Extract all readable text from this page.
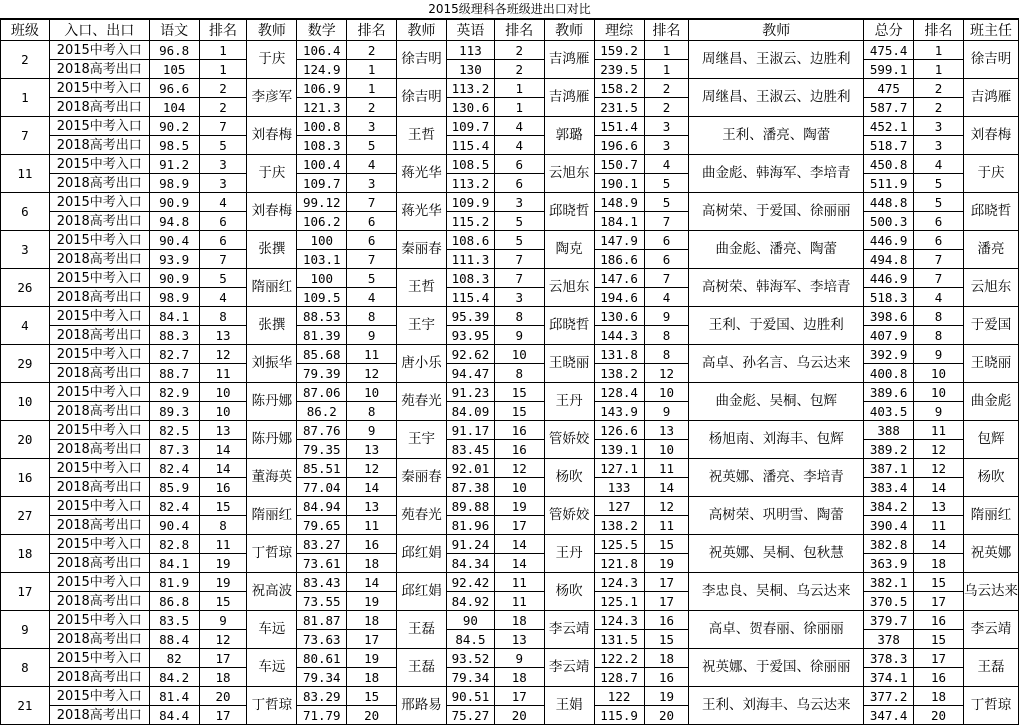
2015级理科各班级进出口对比
班级	入口、出口	语文	排名	教师	数学	排名	教师	英语	排名	教师	理综	排名	教师	总分	排名	班主任
2	2015中考入口	96.8	1	于庆	106.4	2	徐吉明	113	2	吉鸿雁	159.2	1	周继昌、王淑云、边胜利	475.4	1	徐吉明
	2018高考出口	105	1		124.9	1		130	2		239.5	1		599.1	1	
1	2015中考入口	96.6	2	李彦军	106.9	1	徐吉明	113.2	1	吉鸿雁	158.2	2	周继昌、王淑云、边胜利	475	2	吉鸿雁
	2018高考出口	104	2		121.3	2		130.6	1		231.5	2		587.7	2	
7	2015中考入口	90.2	7	刘春梅	100.8	3	王哲	109.7	4	郭璐	151.4	3	王利、潘亮、陶蕾	452.1	3	刘春梅
	2018高考出口	98.5	5		108.3	5		115.4	4		196.6	3		518.7	3	
11	2015中考入口	91.2	3	于庆	100.4	4	蒋光华	108.5	6	云旭东	150.7	4	曲金彪、韩海军、李培青	450.8	4	于庆
	2018高考出口	98.9	3		109.7	3		113.2	6		190.1	5		511.9	5	
6	2015中考入口	90.9	4	刘春梅	99.12	7	蒋光华	109.9	3	邱晓哲	148.9	5	高树荣、于爱国、徐丽丽	448.8	5	邱晓哲
	2018高考出口	94.8	6		106.2	6		115.2	5		184.1	7		500.3	6	
3	2015中考入口	90.4	6	张撰	100	6	秦丽春	108.6	5	陶克	147.9	6	曲金彪、潘亮、陶蕾	446.9	6	潘亮
	2018高考出口	93.9	7		103.1	7		111.3	7		186.6	6		494.8	7	
26	2015中考入口	90.9	5	隋丽红	100	5	王哲	108.3	7	云旭东	147.6	7	高树荣、韩海军、李培青	446.9	7	云旭东
	2018高考出口	98.9	4		109.5	4		115.4	3		194.6	4		518.3	4	
4	2015中考入口	84.1	8	张撰	88.53	8	王宇	95.39	8	邱晓哲	130.6	9	王利、于爱国、边胜利	398.6	8	于爱国
	2018高考出口	88.3	13		81.39	9		93.95	9		144.3	8		407.9	8	
29	2015中考入口	82.7	12	刘振华	85.68	11	唐小乐	92.62	10	王晓丽	131.8	8	高卓、孙名言、乌云达来	392.9	9	王晓丽
	2018高考出口	88.7	11		79.39	12		94.47	8		138.2	12		400.8	10	
10	2015中考入口	82.9	10	陈丹娜	87.06	10	苑春光	91.23	15	王丹	128.4	10	曲金彪、吴桐、包辉	389.6	10	曲金彪
	2018高考出口	89.3	10		86.2	8		84.09	15		143.9	9		403.5	9	
20	2015中考入口	82.5	13	陈丹娜	87.76	9	王宇	91.17	16	管娇姣	126.6	13	杨旭南、刘海丰、包辉	388	11	包辉
	2018高考出口	87.3	14		79.35	13		83.45	16		139.1	10		389.2	12	
16	2015中考入口	82.4	14	董海英	85.51	12	秦丽春	92.01	12	杨吹	127.1	11	祝英娜、潘亮、李培青	387.1	12	杨吹
	2018高考出口	85.9	16		77.04	14		87.38	10		133	14		383.4	14	
27	2015中考入口	82.4	15	隋丽红	84.94	13	苑春光	89.88	19	管娇姣	127	12	高树荣、巩明雪、陶蕾	384.2	13	隋丽红
	2018高考出口	90.4	8		79.65	11		81.96	17		138.2	11		390.4	11	
18	2015中考入口	82.8	11	丁哲琼	83.27	16	邱红娟	91.24	14	王丹	125.5	15	祝英娜、吴桐、包秋慧	382.8	14	祝英娜
	2018高考出口	84.1	19		73.61	18		84.34	14		121.8	19		363.9	18	
17	2015中考入口	81.9	19	祝高波	83.43	14	邱红娟	92.42	11	杨吹	124.3	17	李忠良、吴桐、乌云达来	382.1	15	乌云达来
	2018高考出口	86.8	15		73.55	19		84.92	11		125.1	17		370.5	17	
9	2015中考入口	83.5	9	车远	81.87	18	王磊	90	18	李云靖	124.3	16	高卓、贺春丽、徐丽丽	379.7	16	李云靖
	2018高考出口	88.4	12		73.63	17		84.5	13		131.5	15		378	15	
8	2015中考入口	82	17	车远	80.61	19	王磊	93.52	9	李云靖	122.2	18	祝英娜、于爱国、徐丽丽	378.3	17	王磊
	2018高考出口	84.2	18		79.34	18		79.34	18		128.7	16		374.1	16	
21	2015中考入口	81.4	20	丁哲琼	83.29	15	邢路易	90.51	17	王娟	122	19	王利、刘海丰、乌云达来	377.2	18	丁哲琼
	2018高考出口	84.4	17		71.79	20		75.27	20		115.9	20		347.4	20	
